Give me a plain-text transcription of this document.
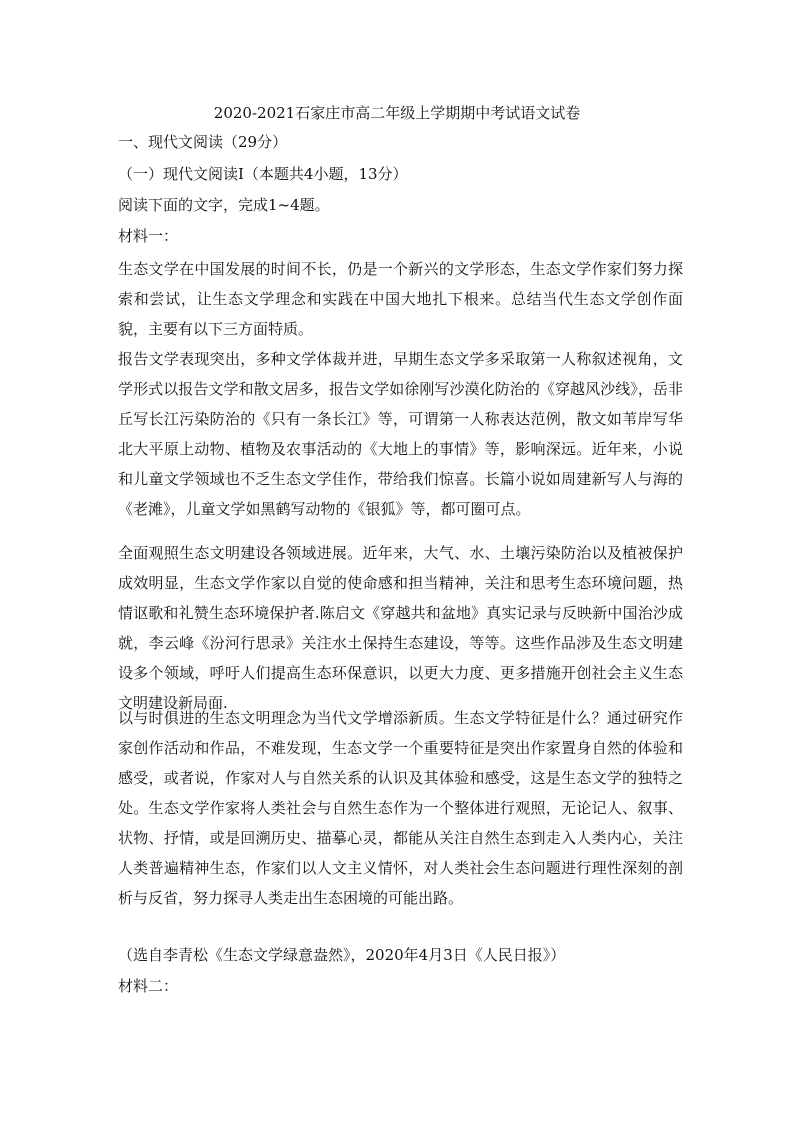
2020-2021石家庄市高二年级上学期期中考试语文试卷
一、现代文阅读（29分）
（一）现代文阅读Ⅰ（本题共4小题，13分）
阅读下面的文字，完成1~4题。
材料一：
生态文学在中国发展的时间不长，仍是一个新兴的文学形态，生态文学作家们努力探索和尝试，让生态文学理念和实践在中国大地扎下根来。总结当代生态文学创作面貌，主要有以下三方面特质。
报告文学表现突出，多种文学体裁并进，早期生态文学多采取第一人称叙述视角，文学形式以报告文学和散文居多，报告文学如徐刚写沙漠化防治的《穿越风沙线》，岳非丘写长江污染防治的《只有一条长江》等，可谓第一人称表达范例，散文如苇岸写华北大平原上动物、植物及农事活动的《大地上的事情》等，影响深远。近年来，小说和儿童文学领域也不乏生态文学佳作，带给我们惊喜。长篇小说如周建新写人与海的《老滩》，儿童文学如黑鹤写动物的《银狐》等，都可圈可点。
全面观照生态文明建设各领域进展。近年来，大气、水、土壤污染防治以及植被保护成效明显，生态文学作家以自觉的使命感和担当精神，关注和思考生态环境问题，热情讴歌和礼赞生态环境保护者.陈启文《穿越共和盆地》真实记录与反映新中国治沙成就，李云峰《汾河行思录》关注水土保持生态建设，等等。这些作品涉及生态文明建设多个领域，呼吁人们提高生态环保意识，以更大力度、更多措施开创社会主义生态文明建设新局面.
以与时俱进的生态文明理念为当代文学增添新质。生态文学特征是什么？通过研究作家创作活动和作品，不难发现，生态文学一个重要特征是突出作家置身自然的体验和感受，或者说，作家对人与自然关系的认识及其体验和感受，这是生态文学的独特之处。生态文学作家将人类社会与自然生态作为一个整体进行观照，无论记人、叙事、状物、抒情，或是回溯历史、描摹心灵，都能从关注自然生态到走入人类内心，关注人类普遍精神生态，作家们以人文主义情怀，对人类社会生态问题进行理性深刻的剖析与反省，努力探寻人类走出生态困境的可能出路。
（选自李青松《生态文学绿意盎然》，2020年4月3日《人民日报》）
材料二：
